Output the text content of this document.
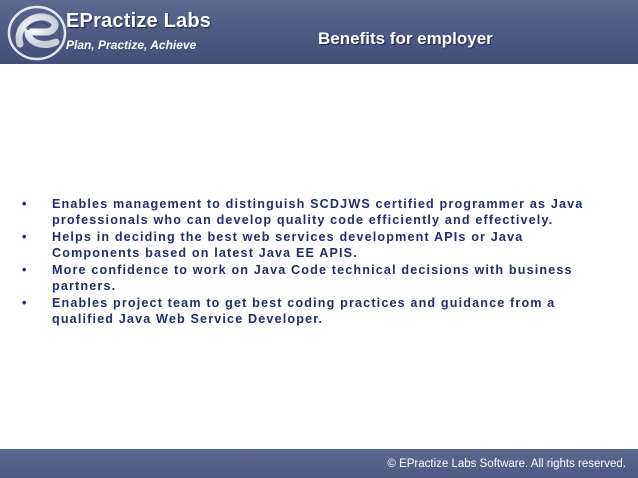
EPractize Labs
Plan, Practize, Achieve	Benefits for employer
•	Enables management to distinguish SCDJWS certified programmer as Java professionals who can develop quality code efficiently and effectively.
•	Helps in deciding the best web services development APIs or Java Components based on latest Java EE APIS.
•	More confidence to work on Java Code technical decisions with business partners.
•	Enables project team to get best coding practices and guidance from a qualified Java Web Service Developer.
© EPractize Labs Software. All rights reserved.
